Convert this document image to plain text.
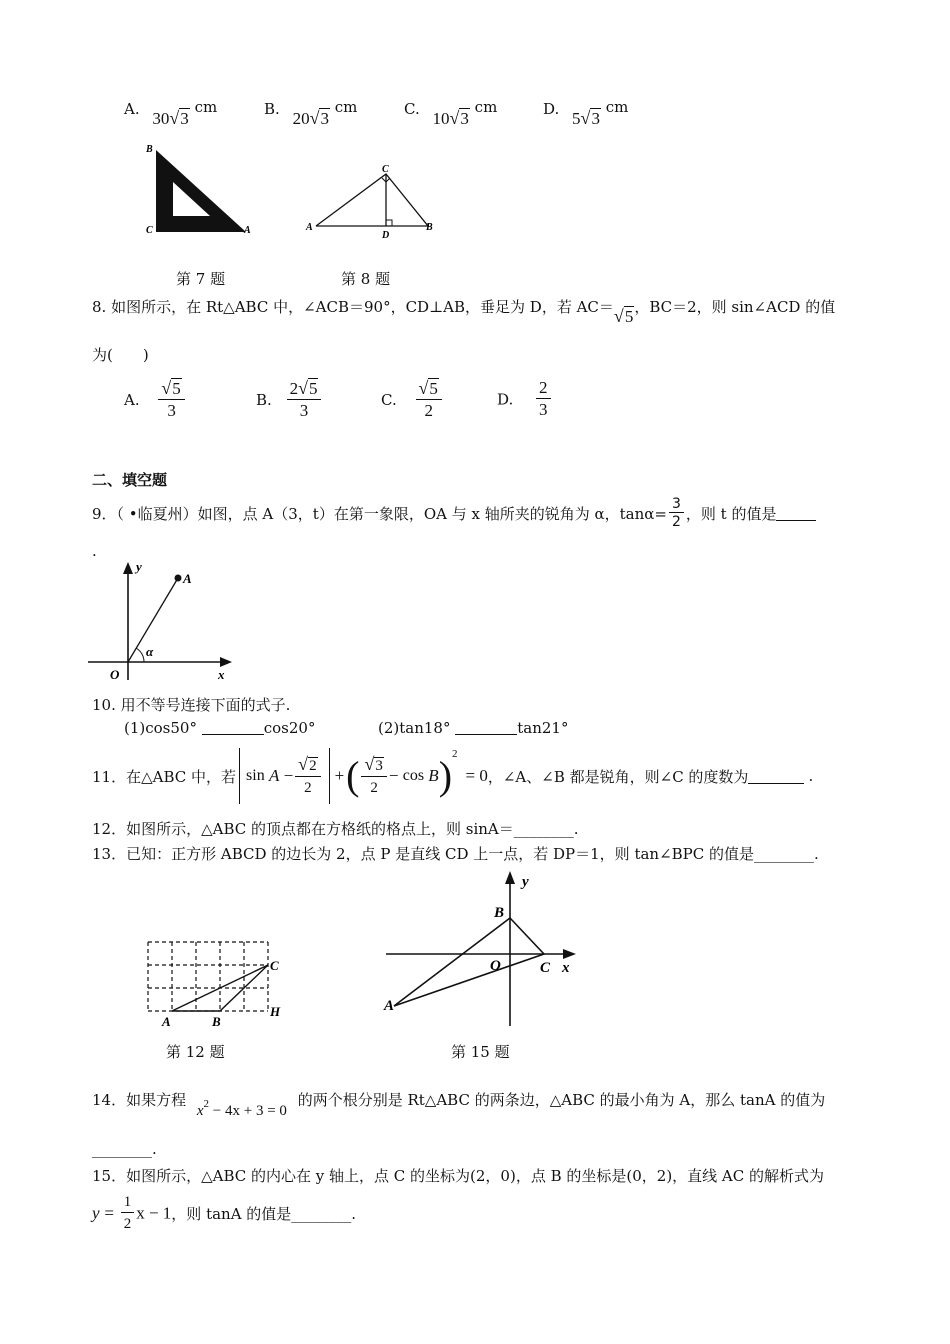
A. 30√3 cm	B. 20√3 cm	C. 10√3 cm	D. 5√3 cm
B
C	A
C
A	B
D
第 7 题	第 8 题
8. 如图所示，在 Rt△ABC 中，∠ACB＝90°，CD⊥AB，垂足为 D，若 AC＝√5，BC＝2，则 sin∠ACD 的值
为(　　)
A. $\frac{√5}{3}$	B. $\frac{2√5}{3}$	C. $\frac{√5}{2}$	D. $\frac{2}{3}$
二、填空题
9．（ •临夏州）如图，点 A（3，t）在第一象限，OA 与 x 轴所夹的锐角为 α，$\tan\alpha= \frac{3}{2}$ ，则 t 的值是
.
y
A
O
α
x
10. 用不等号连接下面的式子.
(1)cos50°	cos20°	(2)tan18°	tan21°
11．在△ABC 中，若 sin
A
− $\frac{√2}{2}$ + ( $\frac{√3}{2}$ −
cos
B ) 2
= 0 ，∠A、∠B 都是锐角，则∠C 的度数为	.
12．如图所示，△ABC 的顶点都在方格纸的格点上，则 sinA＝________.
13．已知：正方形 ABCD 的边长为 2，点 P 是直线 CD 上一点，若 DP＝1，则 tan∠BPC 的值是________.
A	B
C
H
y
B
O	C x
A
第 12 题	第 15 题
14．如果方程 $x^2 - 4x + 3 = 0$ 的两个根分别是 Rt△ABC 的两条边，△ABC 的最小角为 A，那么 tanA 的值为
________.
15．如图所示，△ABC 的内心在 y 轴上，点 C 的坐标为(2，0)，点 B 的坐标是(0，2)，直线 AC 的解析式为
$y = \frac{1}{2}$ x − 1，则 tanA 的值是________.
